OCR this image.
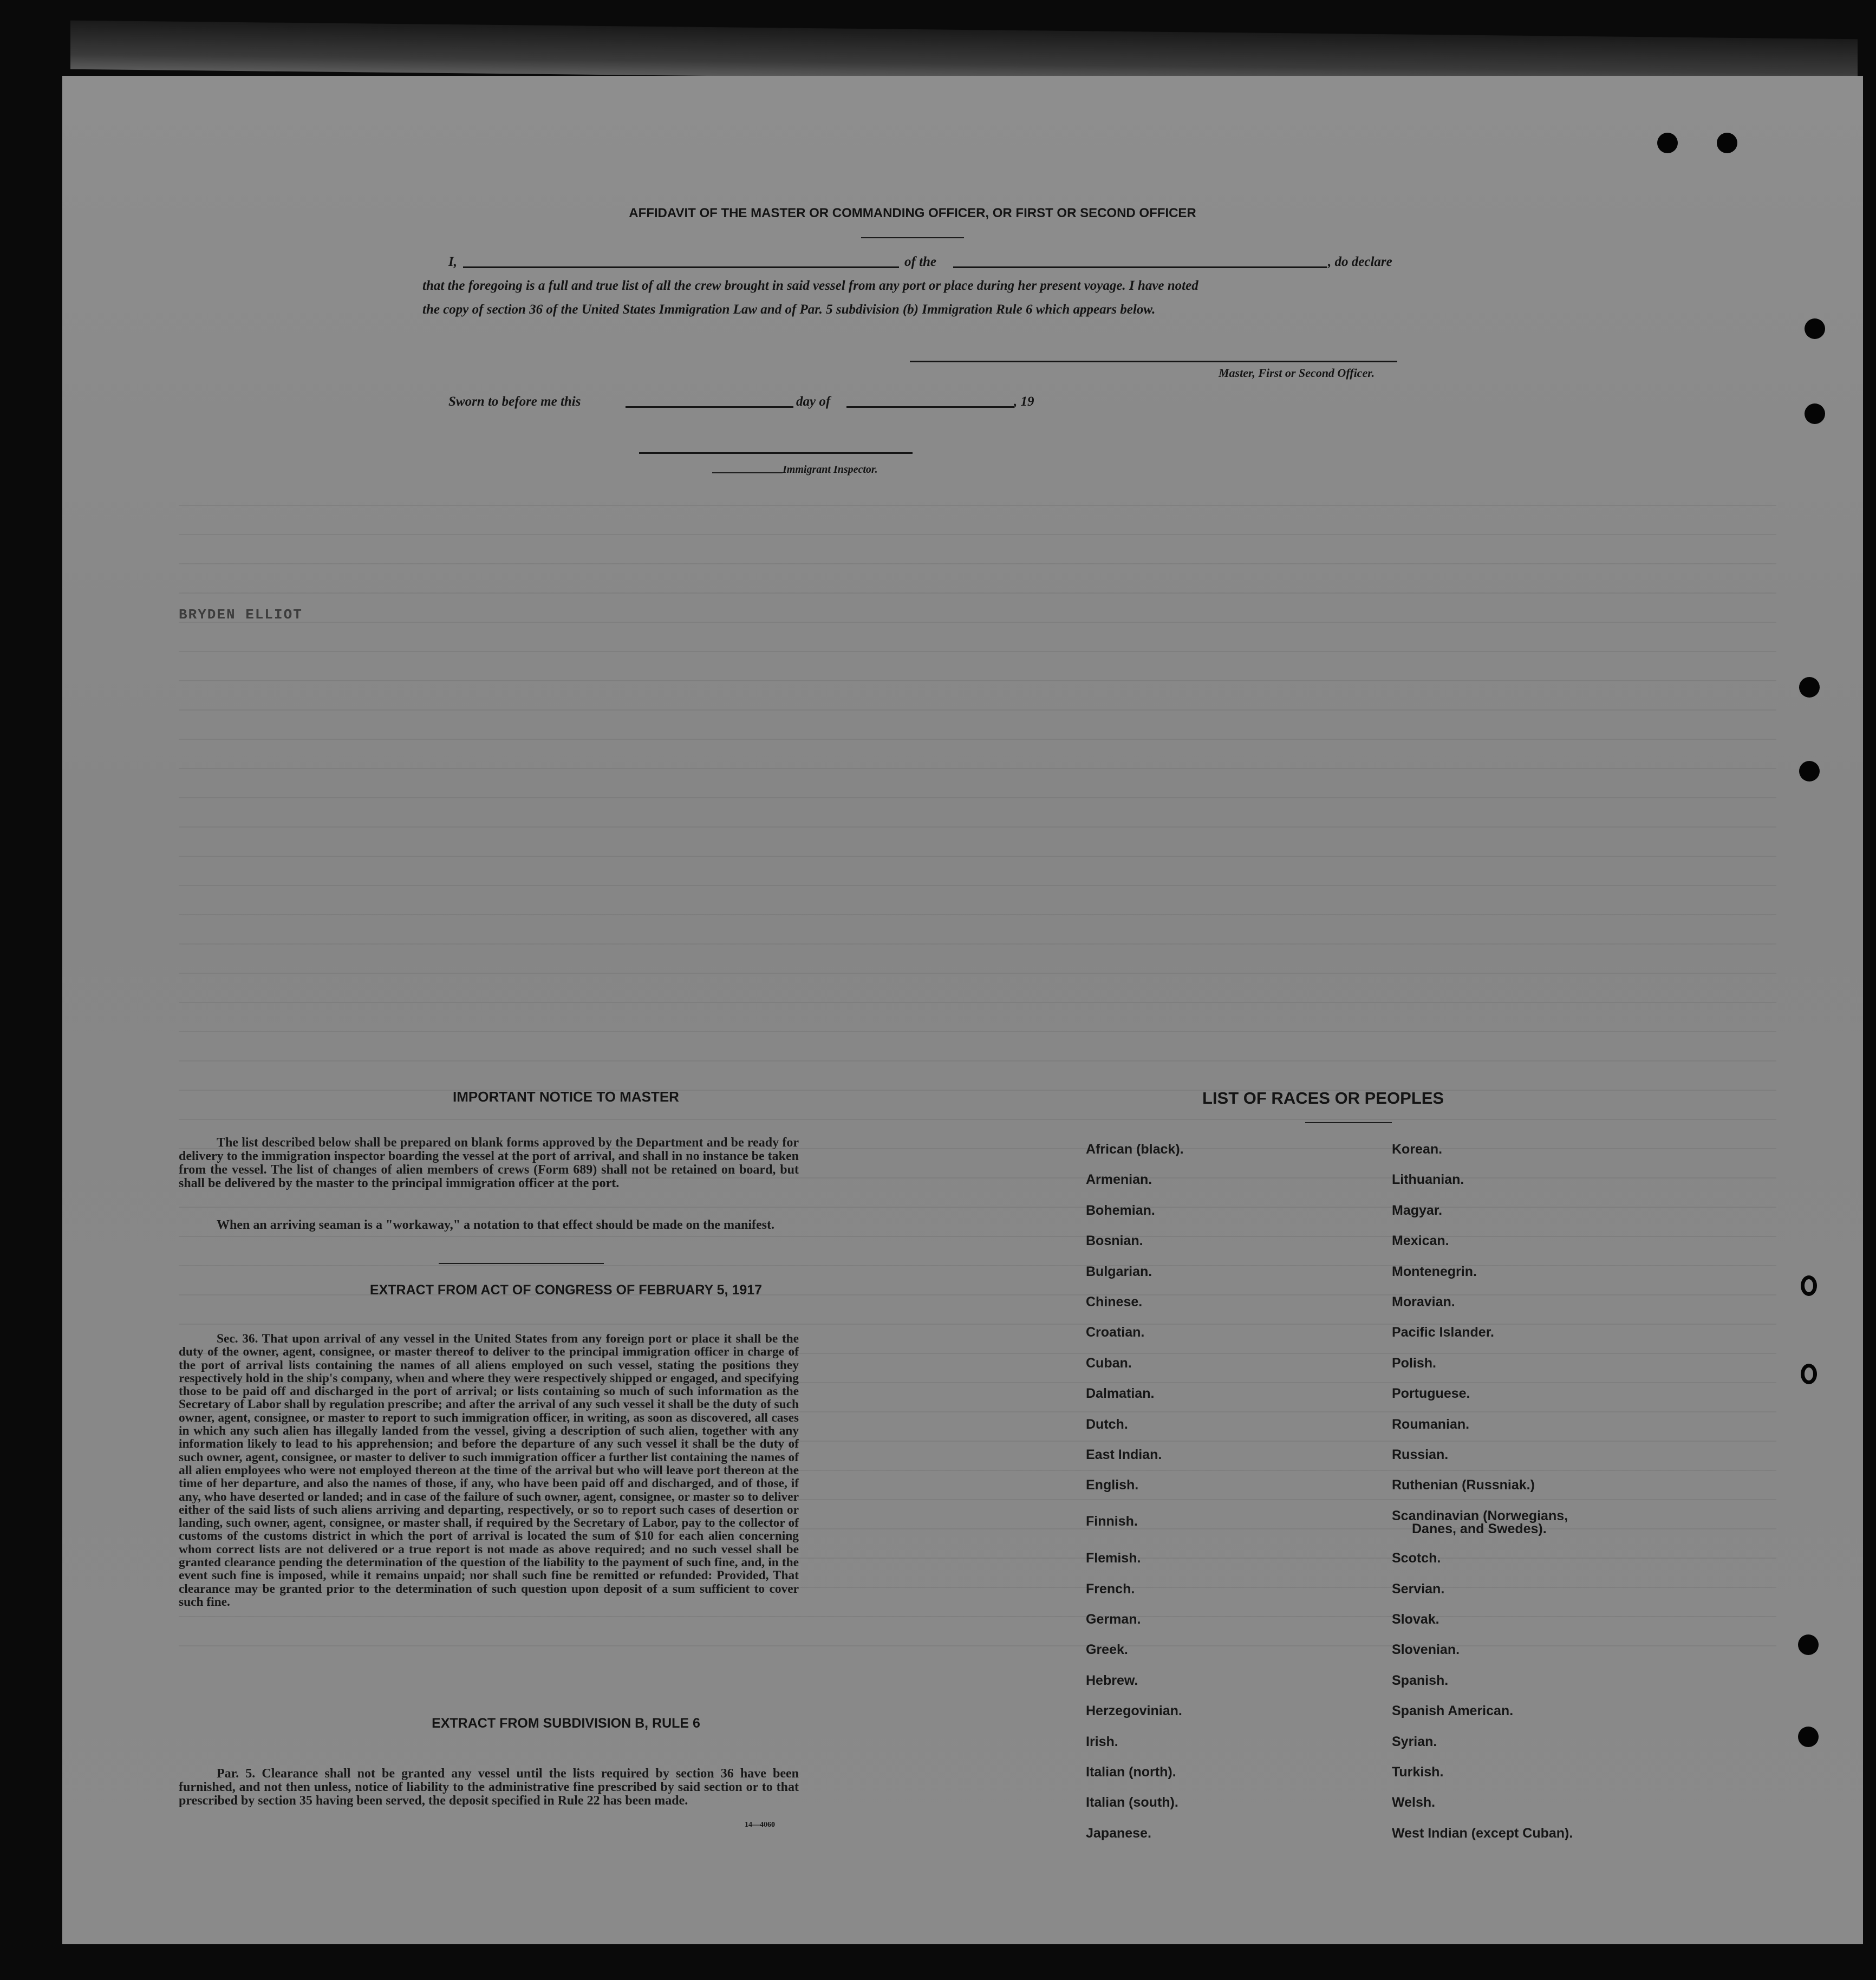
BRYDEN ELLIOT
AFFIDAVIT OF THE MASTER OR COMMANDING OFFICER, OR FIRST OR SECOND OFFICER
I,	of the	, do declare
that the foregoing is a full and true list of all the crew brought in said vessel from any port or place during her present voyage. I have noted
the copy of section 36 of the United States Immigration Law and of Par. 5 subdivision (b) Immigration Rule 6 which appears below.
Master, First or Second Officer.
Sworn to before me this	day of	, 19
Immigrant Inspector.
IMPORTANT NOTICE TO MASTER
The list described below shall be prepared on blank forms approved by the Department and be ready for delivery to the immigration inspector boarding the vessel at the port of arrival, and shall in no instance be taken from the vessel. The list of changes of alien members of crews (Form 689) shall not be retained on board, but shall be delivered by the master to the principal immigration officer at the port.
When an arriving seaman is a "workaway," a notation to that effect should be made on the manifest.
EXTRACT FROM ACT OF CONGRESS OF FEBRUARY 5, 1917
Sec. 36. That upon arrival of any vessel in the United States from any foreign port or place it shall be the duty of the owner, agent, consignee, or master thereof to deliver to the principal immigration officer in charge of the port of arrival lists containing the names of all aliens employed on such vessel, stating the positions they respectively hold in the ship's company, when and where they were respectively shipped or engaged, and specifying those to be paid off and discharged in the port of arrival; or lists containing so much of such information as the Secretary of Labor shall by regulation prescribe; and after the arrival of any such vessel it shall be the duty of such owner, agent, consignee, or master to report to such immigration officer, in writing, as soon as discovered, all cases in which any such alien has illegally landed from the vessel, giving a description of such alien, together with any information likely to lead to his apprehension; and before the departure of any such vessel it shall be the duty of such owner, agent, consignee, or master to deliver to such immigration officer a further list containing the names of all alien employees who were not employed thereon at the time of the arrival but who will leave port thereon at the time of her departure, and also the names of those, if any, who have been paid off and discharged, and of those, if any, who have deserted or landed; and in case of the failure of such owner, agent, consignee, or master so to deliver either of the said lists of such aliens arriving and departing, respectively, or so to report such cases of desertion or landing, such owner, agent, consignee, or master shall, if required by the Secretary of Labor, pay to the collector of customs of the customs district in which the port of arrival is located the sum of $10 for each alien concerning whom correct lists are not delivered or a true report is not made as above required; and no such vessel shall be granted clearance pending the determination of the question of the liability to the payment of such fine, and, in the event such fine is imposed, while it remains unpaid; nor shall such fine be remitted or refunded: Provided, That clearance may be granted prior to the determination of such question upon deposit of a sum sufficient to cover such fine.
EXTRACT FROM SUBDIVISION B, RULE 6
Par. 5. Clearance shall not be granted any vessel until the lists required by section 36 have been furnished, and not then unless, notice of liability to the administrative fine prescribed by said section or to that prescribed by section 35 having been served, the deposit specified in Rule 22 has been made.
14—4060
LIST OF RACES OR PEOPLES
African (black).
Armenian.
Bohemian.
Bosnian.
Bulgarian.
Chinese.
Croatian.
Cuban.
Dalmatian.
Dutch.
East Indian.
English.
Finnish.
Flemish.
French.
German.
Greek.
Hebrew.
Herzegovinian.
Irish.
Italian (north).
Italian (south).
Japanese.
Korean.
Lithuanian.
Magyar.
Mexican.
Montenegrin.
Moravian.
Pacific Islander.
Polish.
Portuguese.
Roumanian.
Russian.
Ruthenian (Russniak.)
Scandinavian (Norwegians,
Danes, and Swedes).
Scotch.
Servian.
Slovak.
Slovenian.
Spanish.
Spanish American.
Syrian.
Turkish.
Welsh.
West Indian (except Cuban).
